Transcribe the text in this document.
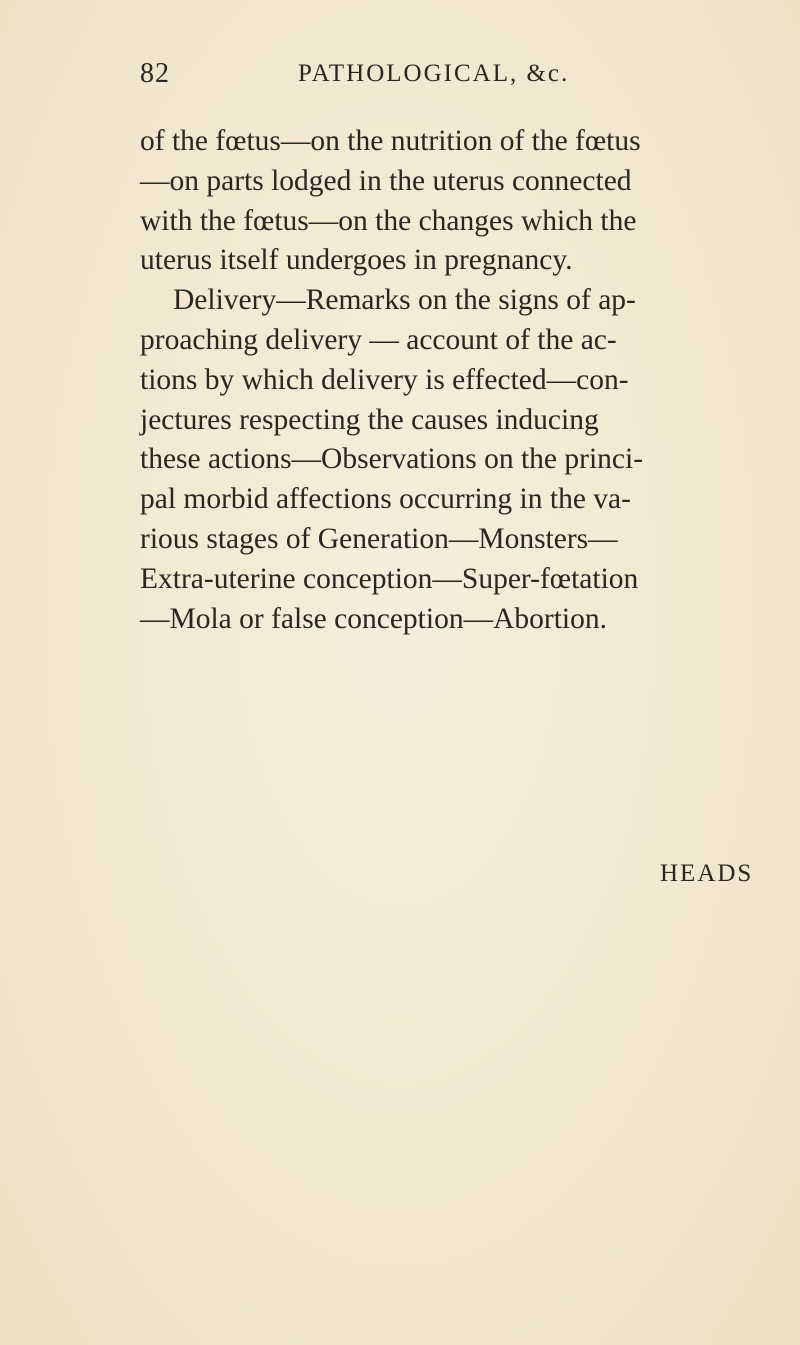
82	PATHOLOGICAL, &c.
of the fœtus—on the nutrition of the fœtus
—on parts lodged in the uterus connected
with the fœtus—on the changes which the
uterus itself undergoes in pregnancy.
Delivery—Remarks on the signs of ap-
proaching delivery — account of the ac-
tions by which delivery is effected—con-
jectures respecting the causes inducing
these actions—Observations on the princi-
pal morbid affections occurring in the va-
rious stages of Generation—Monsters—
Extra-uterine conception—Super-fœtation
—Mola or false conception—Abortion.
HEADS
